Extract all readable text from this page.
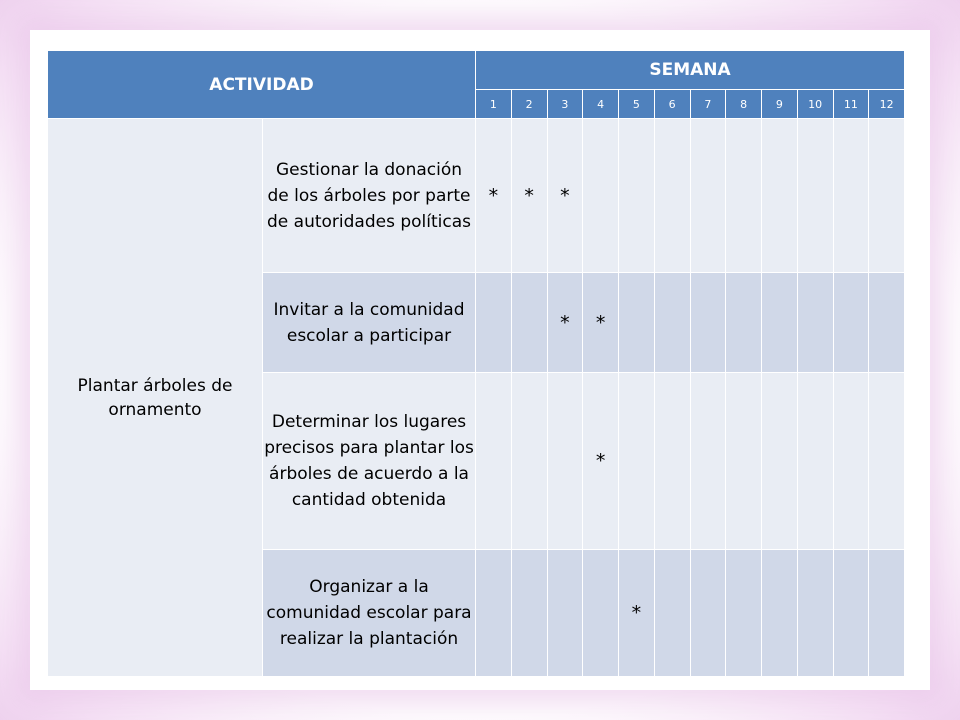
ACTIVIDAD		SEMANA											
		1	2	3	4	5	6	7	8	9	10	11	12
Plantar árboles de ornamento	Gestionar la donación de los árboles por parte de autoridades políticas	*	*	*									
	Invitar a la comunidad escolar a participar			*	*								
	Determinar los lugares precisos para plantar los árboles de acuerdo a la cantidad obtenida				*								
	Organizar a la comunidad escolar para realizar la plantación					*							
